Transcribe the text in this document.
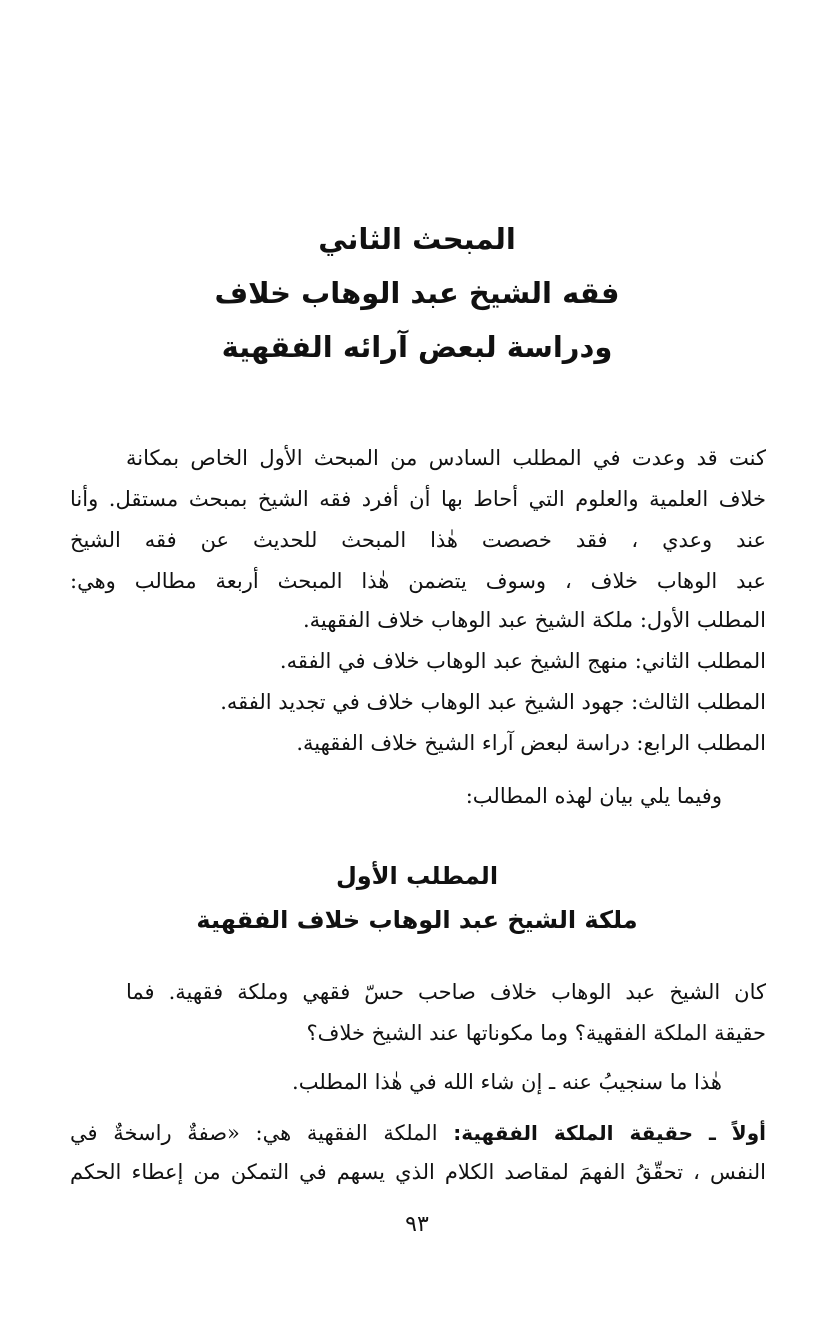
المبحث الثاني
فقه الشيخ عبد الوهاب خلاف
ودراسة لبعض آرائه الفقهية
كنت قد وعدت في المطلب السادس من المبحث الأول الخاص بمكانة
خلاف العلمية والعلوم التي أحاط بها أن أفرد فقه الشيخ بمبحث مستقل. وأنا
عند وعدي ، فقد خصصت هٰذا المبحث للحديث عن فقه الشيخ
عبد الوهاب خلاف ، وسوف يتضمن هٰذا المبحث أربعة مطالب وهي:
المطلب الأول: ملكة الشيخ عبد الوهاب خلاف الفقهية.
المطلب الثاني: منهج الشيخ عبد الوهاب خلاف في الفقه.
المطلب الثالث: جهود الشيخ عبد الوهاب خلاف في تجديد الفقه.
المطلب الرابع: دراسة لبعض آراء الشيخ خلاف الفقهية.
وفيما يلي بيان لهذه المطالب:
المطلب الأول
ملكة الشيخ عبد الوهاب خلاف الفقهية
كان الشيخ عبد الوهاب خلاف صاحب حسّ فقهي وملكة فقهية. فما
حقيقة الملكة الفقهية؟ وما مكوناتها عند الشيخ خلاف؟
هٰذا ما سنجيبُ عنه ـ إن شاء الله في هٰذا المطلب.
أولاً ـ حقيقة الملكة الفقهية: الملكة الفقهية هي: «صفةٌ راسخةٌ في
النفس ، تحقّقُ الفهمَ لمقاصد الكلام الذي يسهم في التمكن من إعطاء الحكم
٩٣
